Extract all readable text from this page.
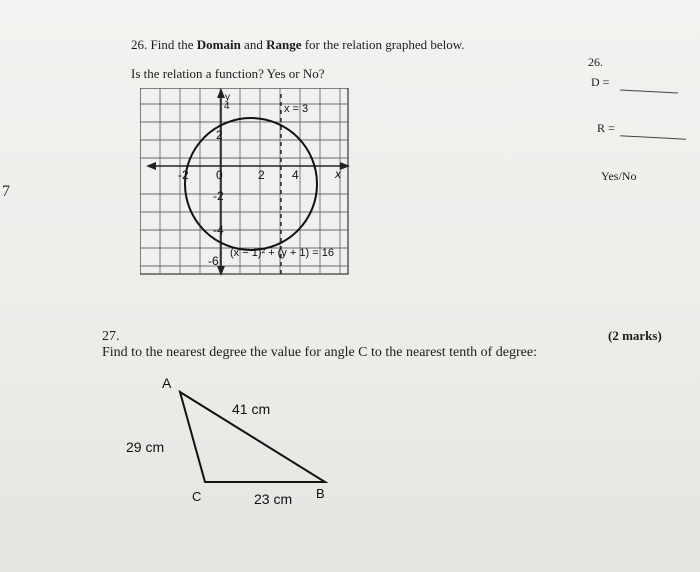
7
26. Find the Domain and Range for the relation graphed below.
Is the relation a function? Yes or No?
26.
D =
R =
Yes/No
y
x
x = 3
-2 0	2 4
4
2
-2
-4
-6
(x − 1)² + (y + 1) = 16
27.	(2 marks)
Find to the nearest degree the value for angle C to the nearest tenth of degree:
A
C	B
41 cm
29 cm
23 cm
